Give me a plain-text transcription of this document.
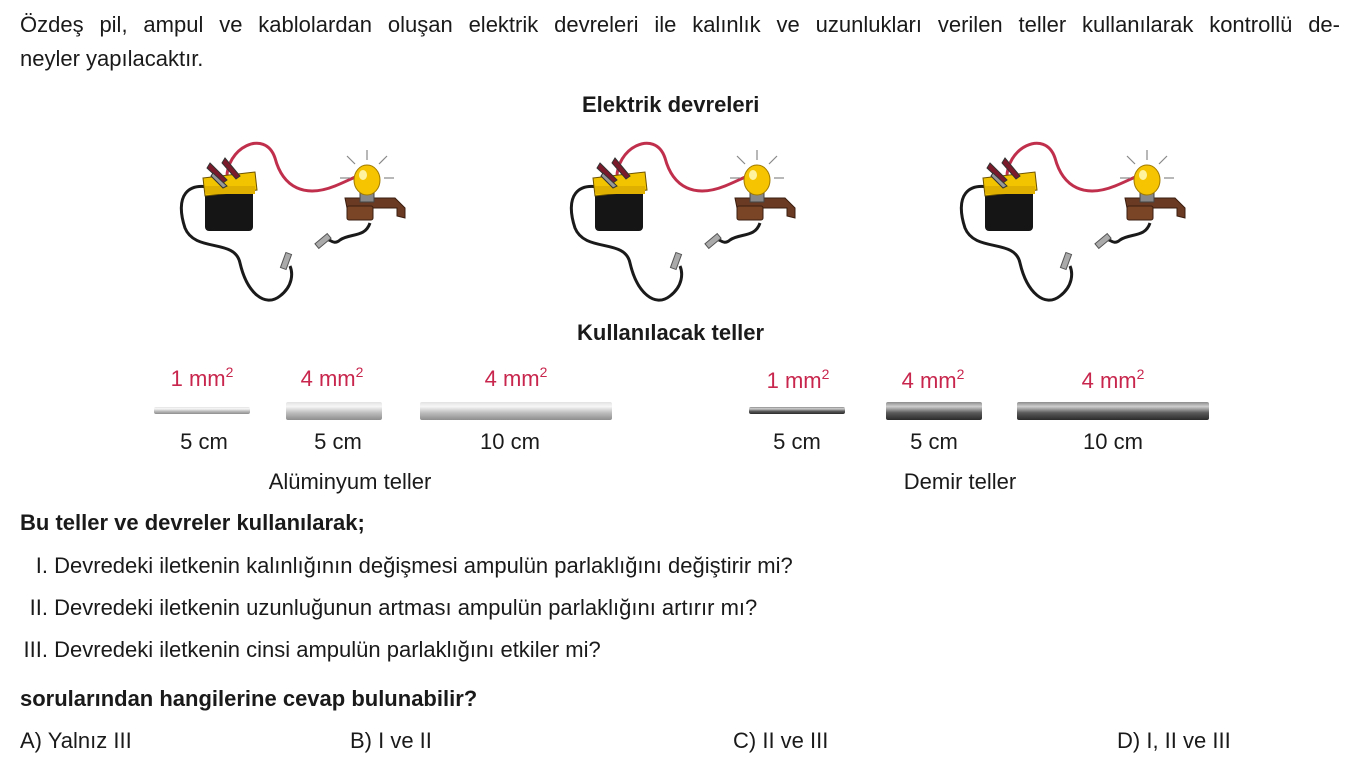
Özdeş pil, ampul ve kablolardan oluşan elektrik devreleri ile kalınlık ve uzunlukları verilen teller kullanılarak kontrollü de-
neyler yapılacaktır.
Elektrik devreleri
Kullanılacak teller
1 $mm^2$	4 $mm^2$	4 $mm^2$
5 cm	5 cm	10 cm
Alüminyum teller
1 $mm^2$	4 $mm^2$	4 $mm^2$
5 cm	5 cm	10 cm
Demir teller
Bu teller ve devreler kullanılarak;
I. Devredeki iletkenin kalınlığının değişmesi ampulün parlaklığını değiştirir mi?
II. Devredeki iletkenin uzunluğunun artması ampulün parlaklığını artırır mı?
III. Devredeki iletkenin cinsi ampulün parlaklığını etkiler mi?
sorularından hangilerine cevap bulunabilir?
A) Yalnız III	B) I ve II	C) II ve III	D) I, II ve III
